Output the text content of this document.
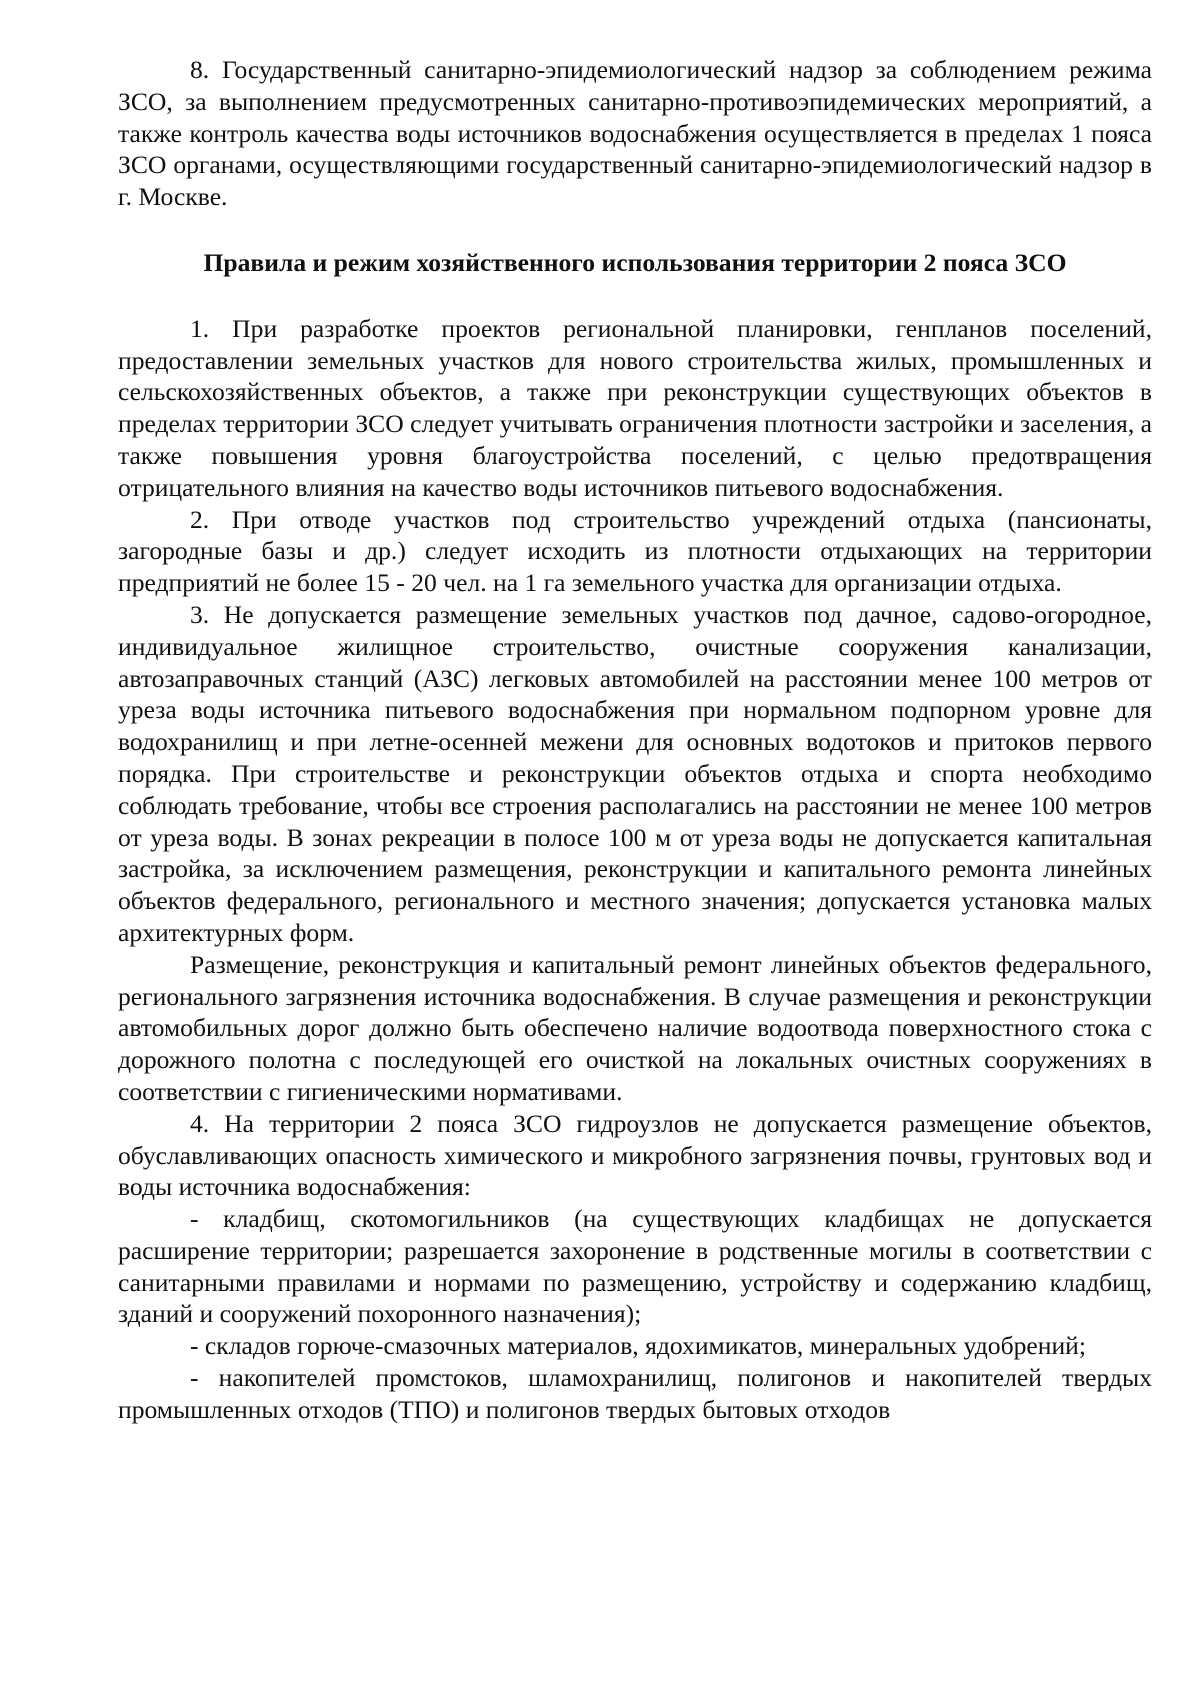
8. Государственный санитарно-эпидемиологический надзор за соблюдением режима ЗСО, за выполнением предусмотренных санитарно-противоэпидемических мероприятий, а также контроль качества воды источников водоснабжения осуществляется в пределах 1 пояса ЗСО органами, осуществляющими государственный санитарно-эпидемиологический надзор в г. Москве.

Правила и режим хозяйственного использования территории 2 пояса ЗСО

1. При разработке проектов региональной планировки, генпланов поселений, предоставлении земельных участков для нового строительства жилых, промышленных и сельскохозяйственных объектов, а также при реконструкции существующих объектов в пределах территории ЗСО следует учитывать ограничения плотности застройки и заселения, а также повышения уровня благоустройства поселений, с целью предотвращения отрицательного влияния на качество воды источников питьевого водоснабжения.

2. При отводе участков под строительство учреждений отдыха (пансионаты, загородные базы и др.) следует исходить из плотности отдыхающих на территории предприятий не более 15 - 20 чел. на 1 га земельного участка для организации отдыха.

3. Не допускается размещение земельных участков под дачное, садово-огородное, индивидуальное жилищное строительство, очистные сооружения канализации, автозаправочных станций (АЗС) легковых автомобилей на расстоянии менее 100 метров от уреза воды источника питьевого водоснабжения при нормальном подпорном уровне для водохранилищ и при летне-осенней межени для основных водотоков и притоков первого порядка. При строительстве и реконструкции объектов отдыха и спорта необходимо соблюдать требование, чтобы все строения располагались на расстоянии не менее 100 метров от уреза воды. В зонах рекреации в полосе 100 м от уреза воды не допускается капитальная застройка, за исключением размещения, реконструкции и капитального ремонта линейных объектов федерального, регионального и местного значения; допускается установка малых архитектурных форм.

Размещение, реконструкция и капитальный ремонт линейных объектов федерального, регионального загрязнения источника водоснабжения. В случае размещения и реконструкции автомобильных дорог должно быть обеспечено наличие водоотвода поверхностного стока с дорожного полотна с последующей его очисткой на локальных очистных сооружениях в соответствии с гигиеническими нормативами.

4. На территории 2 пояса ЗСО гидроузлов не допускается размещение объектов, обуславливающих опасность химического и микробного загрязнения почвы, грунтовых вод и воды источника водоснабжения:

- кладбищ, скотомогильников (на существующих кладбищах не допускается расширение территории; разрешается захоронение в родственные могилы в соответствии с санитарными правилами и нормами по размещению, устройству и содержанию кладбищ, зданий и сооружений похоронного назначения);

- складов горюче-смазочных материалов, ядохимикатов, минеральных удобрений;

- накопителей промстоков, шламохранилищ, полигонов и накопителей твердых промышленных отходов (ТПО) и полигонов твердых бытовых отходов
